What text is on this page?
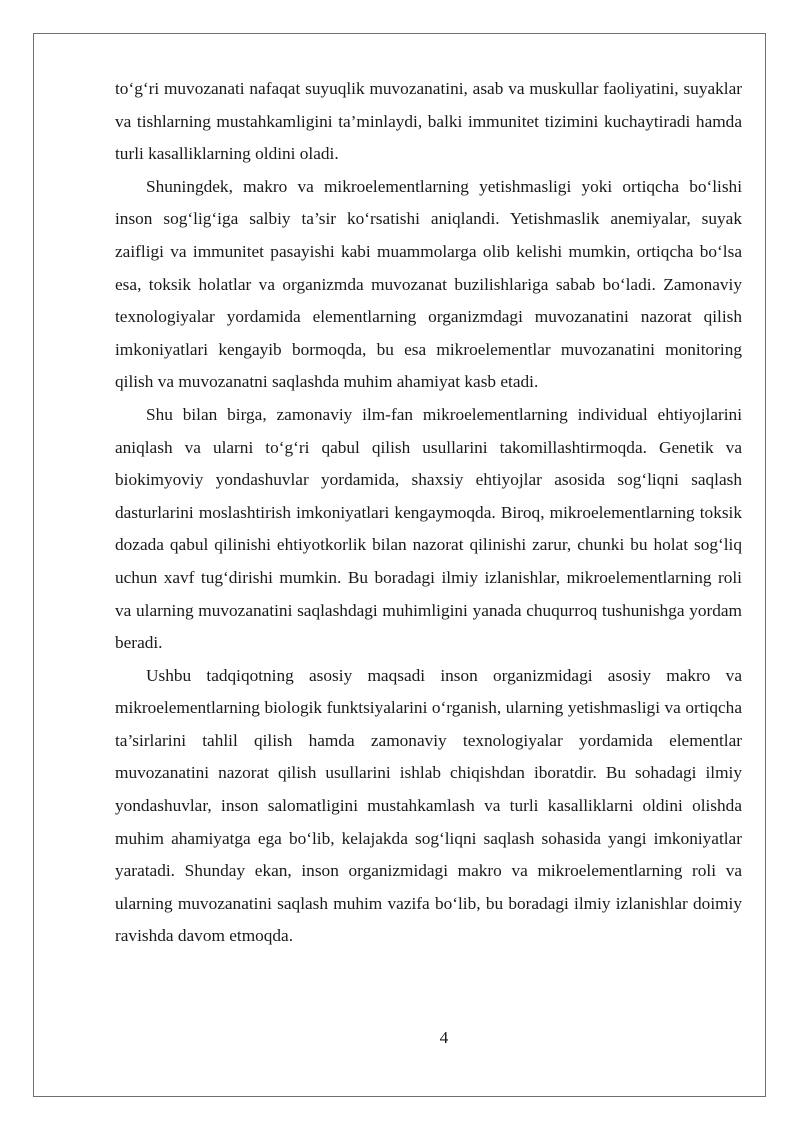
to‘g‘ri muvozanati nafaqat suyuqlik muvozanatini, asab va muskullar faoliyatini, suyaklar va tishlarning mustahkamligini ta’minlaydi, balki immunitet tizimini kuchaytiradi hamda turli kasalliklarning oldini oladi.

Shuningdek, makro va mikroelementlarning yetishmasligi yoki ortiqcha bo‘lishi inson sog‘lig‘iga salbiy ta’sir ko‘rsatishi aniqlandi. Yetishmaslik anemiyalar, suyak zaifligi va immunitet pasayishi kabi muammolarga olib kelishi mumkin, ortiqcha bo‘lsa esa, toksik holatlar va organizmda muvozanat buzilishlariga sabab bo‘ladi. Zamonaviy texnologiyalar yordamida elementlarning organizmdagi muvozanatini nazorat qilish imkoniyatlari kengayib bormoqda, bu esa mikroelementlar muvozanatini monitoring qilish va muvozanatni saqlashda muhim ahamiyat kasb etadi.

Shu bilan birga, zamonaviy ilm-fan mikroelementlarning individual ehtiyojlarini aniqlash va ularni to‘g‘ri qabul qilish usullarini takomillashtirmoqda. Genetik va biokimyoviy yondashuvlar yordamida, shaxsiy ehtiyojlar asosida sog‘liqni saqlash dasturlarini moslashtirish imkoniyatlari kengaymoqda. Biroq, mikroelementlarning toksik dozada qabul qilinishi ehtiyotkorlik bilan nazorat qilinishi zarur, chunki bu holat sog‘liq uchun xavf tug‘dirishi mumkin. Bu boradagi ilmiy izlanishlar, mikroelementlarning roli va ularning muvozanatini saqlashdagi muhimligini yanada chuqurroq tushunishga yordam beradi.

Ushbu tadqiqotning asosiy maqsadi inson organizmidagi asosiy makro va mikroelementlarning biologik funktsiyalarini o‘rganish, ularning yetishmasligi va ortiqcha ta’sirlarini tahlil qilish hamda zamonaviy texnologiyalar yordamida elementlar muvozanatini nazorat qilish usullarini ishlab chiqishdan iboratdir. Bu sohadagi ilmiy yondashuvlar, inson salomatligini mustahkamlash va turli kasalliklarni oldini olishda muhim ahamiyatga ega bo‘lib, kelajakda sog‘liqni saqlash sohasida yangi imkoniyatlar yaratadi. Shunday ekan, inson organizmidagi makro va mikroelementlarning roli va ularning muvozanatini saqlash muhim vazifa bo‘lib, bu boradagi ilmiy izlanishlar doimiy ravishda davom etmoqda.

4
